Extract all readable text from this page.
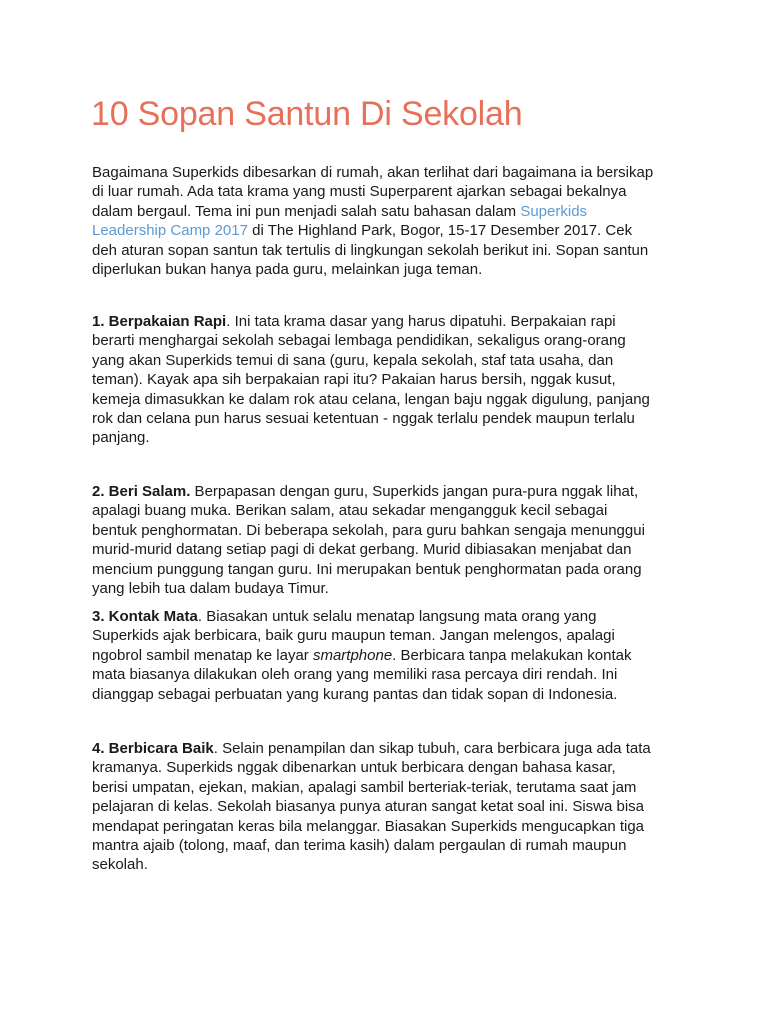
10 Sopan Santun Di Sekolah
Bagaimana Superkids dibesarkan di rumah, akan terlihat dari bagaimana ia bersikap
di luar rumah. Ada tata krama yang musti Superparent ajarkan sebagai bekalnya
dalam bergaul. Tema ini pun menjadi salah satu bahasan dalam Superkids
Leadership Camp 2017 di The Highland Park, Bogor, 15-17 Desember 2017. Cek
deh aturan sopan santun tak tertulis di lingkungan sekolah berikut ini. Sopan santun
diperlukan bukan hanya pada guru, melainkan juga teman.
1. Berpakaian Rapi. Ini tata krama dasar yang harus dipatuhi. Berpakaian rapi
berarti menghargai sekolah sebagai lembaga pendidikan, sekaligus orang-orang
yang akan Superkids temui di sana (guru, kepala sekolah, staf tata usaha, dan
teman). Kayak apa sih berpakaian rapi itu? Pakaian harus bersih, nggak kusut,
kemeja dimasukkan ke dalam rok atau celana, lengan baju nggak digulung, panjang
rok dan celana pun harus sesuai ketentuan - nggak terlalu pendek maupun terlalu
panjang.
2. Beri Salam. Berpapasan dengan guru, Superkids jangan pura-pura nggak lihat,
apalagi buang muka. Berikan salam, atau sekadar mengangguk kecil sebagai
bentuk penghormatan. Di beberapa sekolah, para guru bahkan sengaja menunggui
murid-murid datang setiap pagi di dekat gerbang. Murid dibiasakan menjabat dan
mencium punggung tangan guru. Ini merupakan bentuk penghormatan pada orang
yang lebih tua dalam budaya Timur.
3. Kontak Mata. Biasakan untuk selalu menatap langsung mata orang yang
Superkids ajak berbicara, baik guru maupun teman. Jangan melengos, apalagi
ngobrol sambil menatap ke layar smartphone. Berbicara tanpa melakukan kontak
mata biasanya dilakukan oleh orang yang memiliki rasa percaya diri rendah. Ini
dianggap sebagai perbuatan yang kurang pantas dan tidak sopan di Indonesia.
4. Berbicara Baik. Selain penampilan dan sikap tubuh, cara berbicara juga ada tata
kramanya. Superkids nggak dibenarkan untuk berbicara dengan bahasa kasar,
berisi umpatan, ejekan, makian, apalagi sambil berteriak-teriak, terutama saat jam
pelajaran di kelas. Sekolah biasanya punya aturan sangat ketat soal ini. Siswa bisa
mendapat peringatan keras bila melanggar. Biasakan Superkids mengucapkan tiga
mantra ajaib (tolong, maaf, dan terima kasih) dalam pergaulan di rumah maupun
sekolah.
